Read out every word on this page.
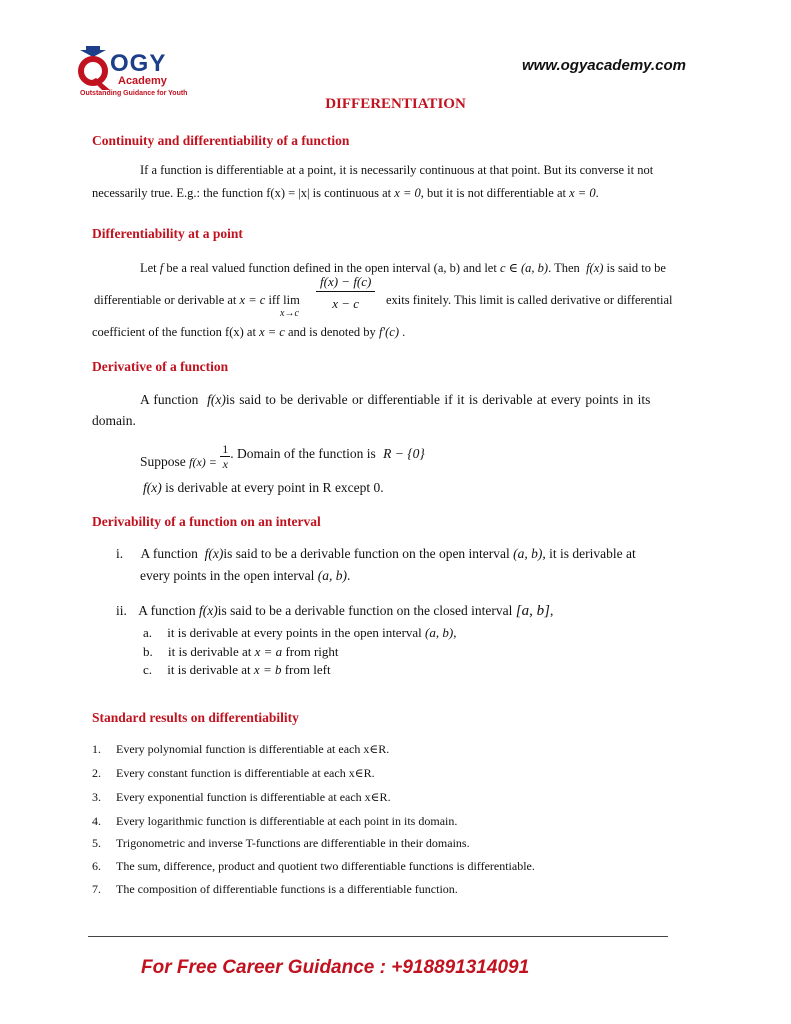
OGY
Academy
Outstanding Guidance for Youth
www.ogyacademy.com
DIFFERENTIATION
Continuity and differentiability of a function
If a function is differentiable at a point, it is necessarily continuous at that point. But its converse it not
necessarily true. E.g.: the function f(x) = |x| is continuous at x = 0, but it is not differentiable at x = 0.
Differentiability at a point
Let f be a real valued function defined in the open interval (a, b) and let c ∈ (a, b). Then f(x) is said to be
differentiable or derivable at x = c iff lim
x→c
$\frac{f(x) - f(c)}{x - c}$ exits finitely. This limit is called derivative or differential
coefficient of the function f(x) at x = c and is denoted by f′(c) .
Derivative of a function
A function f(x)is said to be derivable or differentiable if it is derivable at every points in its
domain.
Suppose $f(x) = \frac{1}{x}$ . Domain of the function is R − {0}
f(x) is derivable at every point in R except 0.
Derivability of a function on an interval
i. A function f(x)is said to be a derivable function on the open interval (a, b), it is derivable at
every points in the open interval (a, b).
ii. A function f(x)is said to be a derivable function on the closed interval [a, b],
a. it is derivable at every points in the open interval (a, b),
b. it is derivable at x = a from right
c. it is derivable at x = b from left
Standard results on differentiability
1. Every polynomial function is differentiable at each x∈R.
2. Every constant function is differentiable at each x∈R.
3. Every exponential function is differentiable at each x∈R.
4. Every logarithmic function is differentiable at each point in its domain.
5. Trigonometric and inverse T-functions are differentiable in their domains.
6. The sum, difference, product and quotient two differentiable functions is differentiable.
7. The composition of differentiable functions is a differentiable function.
For Free Career Guidance : +918891314091
